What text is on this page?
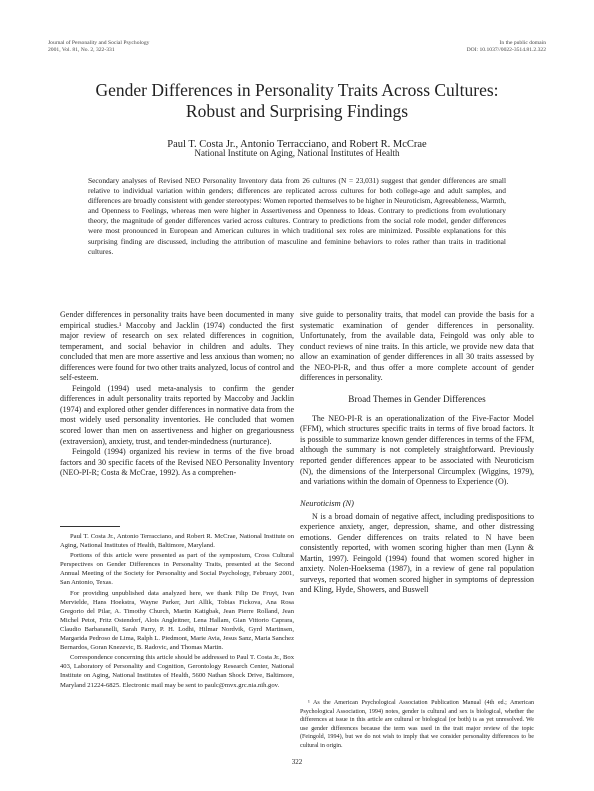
Journal of Personality and Social Psychology
2001, Vol. 81, No. 2, 322-331
In the public domain
DOI: 10.1037//0022-3514.81.2.322
Gender Differences in Personality Traits Across Cultures:
Robust and Surprising Findings
Paul T. Costa Jr., Antonio Terracciano, and Robert R. McCrae
National Institute on Aging, National Institutes of Health

Secondary analyses of Revised NEO Personality Inventory data from 26 cultures (N = 23,031) suggest that gender differences are small relative to individual variation within genders; differences are replicated across cultures for both college-age and adult samples, and differences are broadly consistent with gender stereotypes: Women reported themselves to be higher in Neuroticism, Agreeableness, Warmth, and Openness to Feelings, whereas men were higher in Assertiveness and Openness to Ideas. Contrary to predictions from evolutionary theory, the magnitude of gender differences varied across cultures. Contrary to predictions from the social role model, gender differences were most pronounced in European and American cultures in which traditional sex roles are minimized. Possible explanations for this surprising finding are discussed, including the attribution of masculine and feminine behaviors to roles rather than traits in traditional cultures.

Gender differences in personality traits have been documented in many empirical studies.¹ Maccoby and Jacklin (1974) conducted the first major review of research on sex related differences in cognition, temperament, and social behavior in children and adults. They concluded that men are more assertive and less anxious than women; no differences were found for two other traits analyzed, locus of control and self-esteem.

Feingold (1994) used meta-analysis to confirm the gender differences in adult personality traits reported by Maccoby and Jacklin (1974) and explored other gender differences in normative data from the most widely used personality inventories. He concluded that women scored lower than men on assertiveness and higher on gregariousness (extraversion), anxiety, trust, and tender-mindedness (nurturance).

Feingold (1994) organized his review in terms of the five broad factors and 30 specific facets of the Revised NEO Personality Inventory (NEO-PI-R; Costa & McCrae, 1992). As a comprehen-

Paul T. Costa Jr., Antonio Terracciano, and Robert R. McCrae, National Institute on Aging, National Institutes of Health, Baltimore, Maryland.

Portions of this article were presented as part of the symposium, Cross Cultural Perspectives on Gender Differences in Personality Traits, presented at the Second Annual Meeting of the Society for Personality and Social Psychology, February 2001, San Antonio, Texas.

For providing unpublished data analyzed here, we thank Filip De Fruyt, Ivan Mervielde, Hans Hoekstra, Wayne Parker, Juri Allik, Tobias Fickova, Ana Rosa Gregorio del Pilar, A. Timothy Church, Martin Katigbak, Jean Pierre Rolland, Jean Michel Petot, Fritz Ostendorf, Alois Angleitner, Lena Hallam, Gian Vittorio Caprara, Claudio Barbaranelli, Sarah Parry, P. H. Lodhi, Hilmar Nordvik, Gyrd Martinsen, Margarida Pedroso de Lima, Ralph L. Piedmont, Marie Avia, Jesus Sanz, Maria Sanchez Bernardos, Goran Knezevic, B. Radovic, and Thomas Martin.

Correspondence concerning this article should be addressed to Paul T. Costa Jr., Box 403, Laboratory of Personality and Cognition, Gerontology Research Center, National Institute on Aging, National Institutes of Health, 5600 Nathan Shock Drive, Baltimore, Maryland 21224-6825. Electronic mail may be sent to paulc@mvx.grc.nia.nih.gov.

sive guide to personality traits, that model can provide the basis for a systematic examination of gender differences in personality. Unfortunately, from the available data, Feingold was only able to conduct reviews of nine traits. In this article, we provide new data that allow an examination of gender differences in all 30 traits assessed by the NEO-PI-R, and thus offer a more complete account of gender differences in personality.

Broad Themes in Gender Differences

The NEO-PI-R is an operationalization of the Five-Factor Model (FFM), which structures specific traits in terms of five broad factors. It is possible to summarize known gender differences in terms of the FFM, although the summary is not completely straightforward. Previously reported gender differences appear to be associated with Neuroticism (N), the dimensions of the Interpersonal Circumplex (Wiggins, 1979), and variations within the domain of Openness to Experience (O).

Neuroticism (N)

N is a broad domain of negative affect, including predispositions to experience anxiety, anger, depression, shame, and other distressing emotions. Gender differences on traits related to N have been consistently reported, with women scoring higher than men (Lynn & Martin, 1997). Feingold (1994) found that women scored higher in anxiety. Nolen-Hoeksema (1987), in a review of gene ral population surveys, reported that women scored higher in symptoms of depression and Kling, Hyde, Showers, and Buswell

¹ As the American Psychological Association Publication Manual (4th ed.; American Psychological Association, 1994) notes, gender is cultural and sex is biological, whether the differences at issue in this article are cultural or biological (or both) is as yet unresolved. We use gender differences because the term was used in the trait major review of the topic (Feingold, 1994), but we do not wish to imply that we consider personality differences to be cultural in origin.

322
